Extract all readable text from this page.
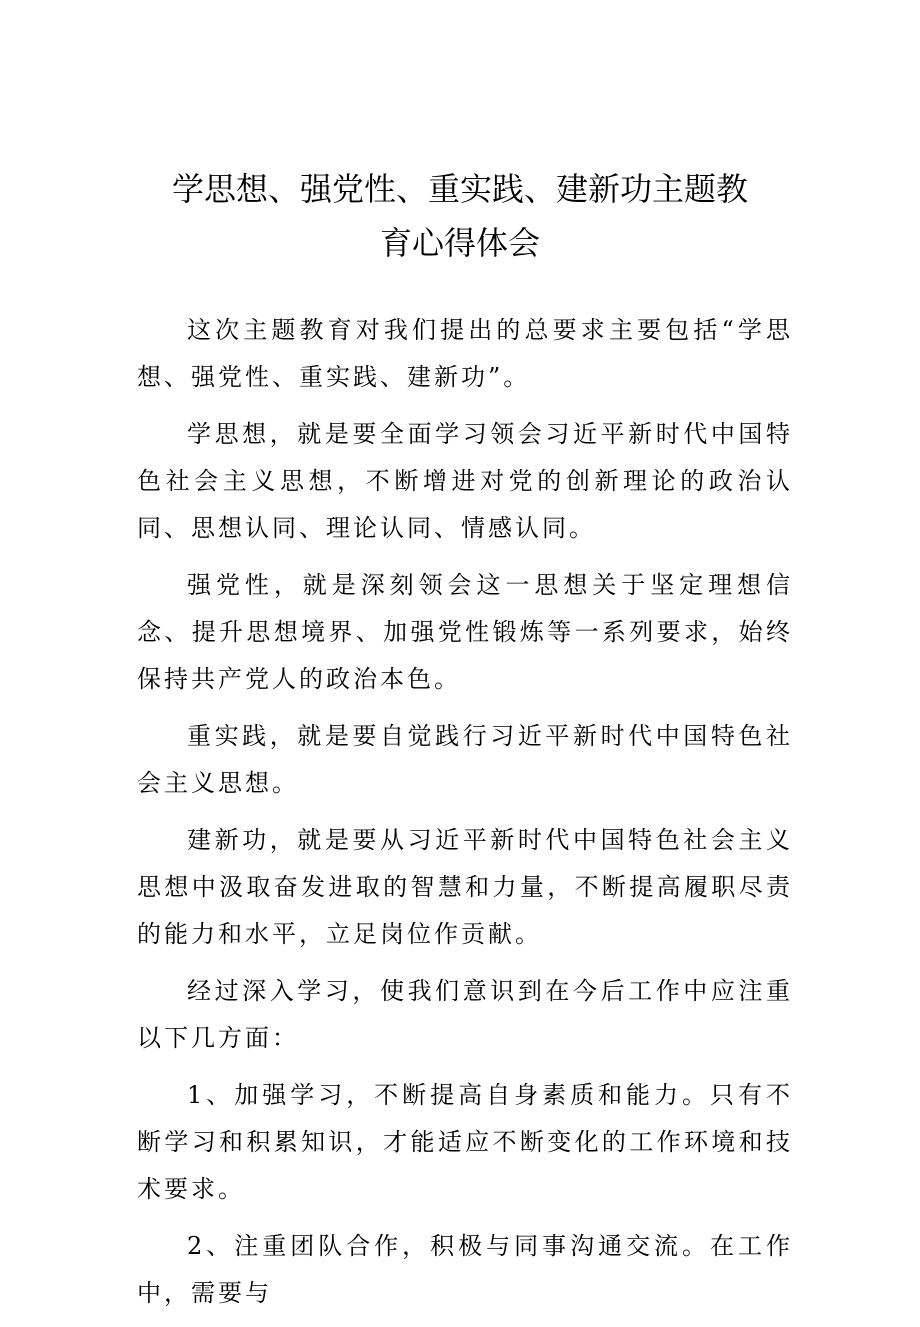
学思想、强党性、重实践、建新功主题教
育心得体会

这次主题教育对我们提出的总要求主要包括“学思想、强党性、重实践、建新功”。

学思想，就是要全面学习领会习近平新时代中国特色社会主义思想，不断增进对党的创新理论的政治认同、思想认同、理论认同、情感认同。

强党性，就是深刻领会这一思想关于坚定理想信念、提升思想境界、加强党性锻炼等一系列要求，始终保持共产党人的政治本色。

重实践，就是要自觉践行习近平新时代中国特色社会主义思想。

建新功，就是要从习近平新时代中国特色社会主义思想中汲取奋发进取的智慧和力量，不断提高履职尽责的能力和水平，立足岗位作贡献。

经过深入学习，使我们意识到在今后工作中应注重以下几方面：

1、加强学习，不断提高自身素质和能力。只有不断学习和积累知识，才能适应不断变化的工作环境和技术要求。

2、注重团队合作，积极与同事沟通交流。在工作中，需要与
